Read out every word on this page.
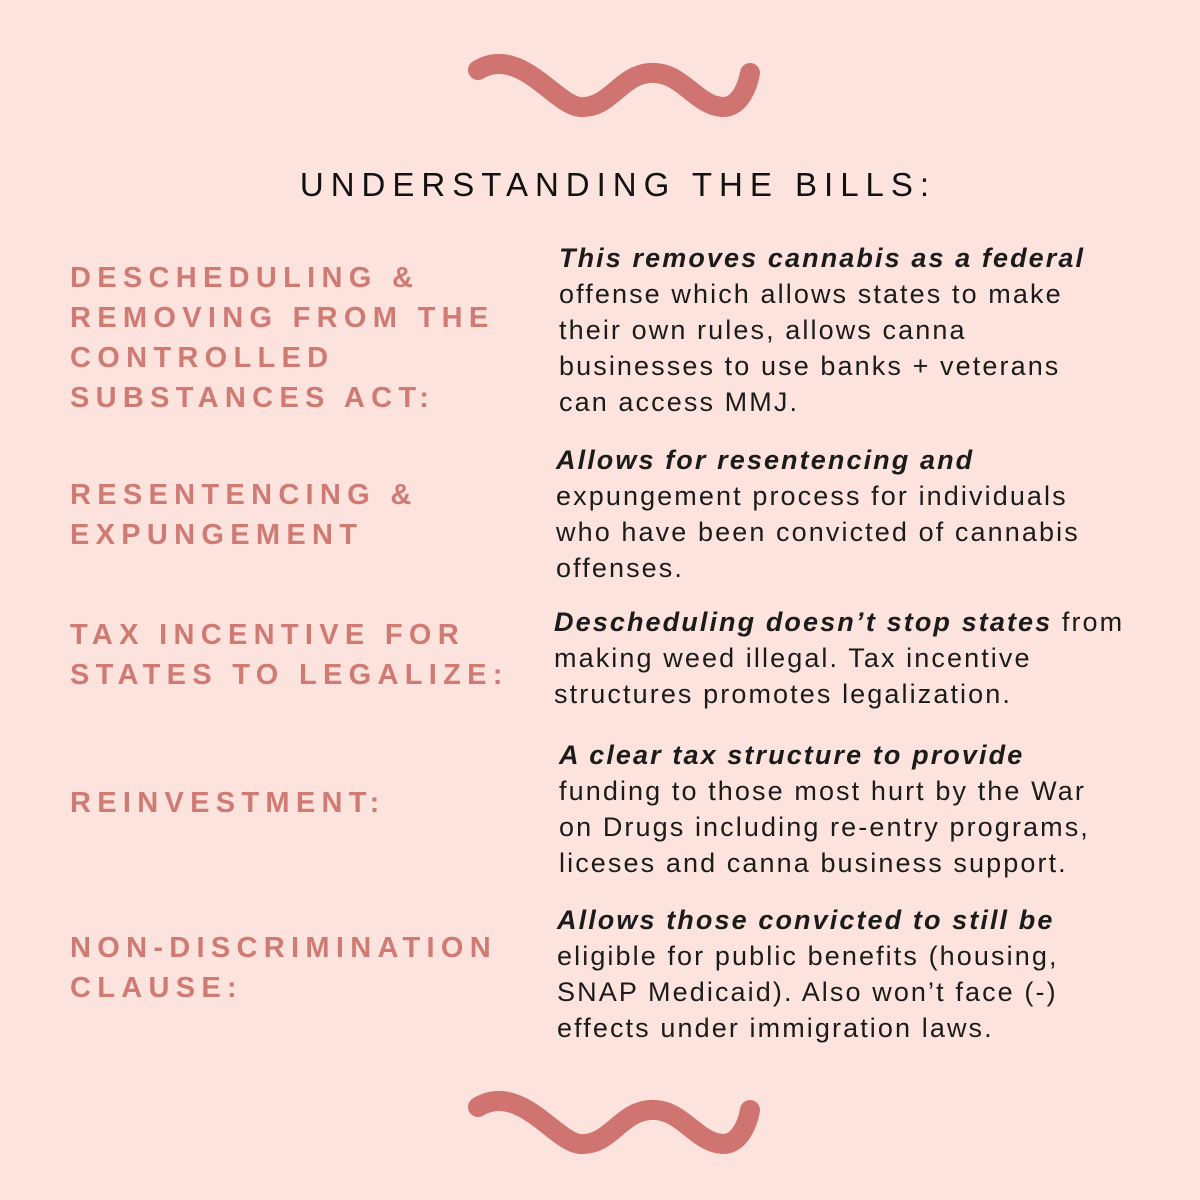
UNDERSTANDING THE BILLS:
DESCHEDULING &
REMOVING FROM THE
CONTROLLED
SUBSTANCES ACT:
This removes cannabis as a federal
offense which allows states to make
their own rules, allows canna
businesses to use banks + veterans
can access MMJ.
RESENTENCING &
EXPUNGEMENT
Allows for resentencing and
expungement process for individuals
who have been convicted of cannabis
offenses.
TAX INCENTIVE FOR
STATES TO LEGALIZE:
Descheduling doesn’t stop states from
making weed illegal. Tax incentive
structures promotes legalization.
REINVESTMENT:
A clear tax structure to provide
funding to those most hurt by the War
on Drugs including re-entry programs,
liceses and canna business support.
NON-DISCRIMINATION
CLAUSE:
Allows those convicted to still be
eligible for public benefits (housing,
SNAP Medicaid). Also won’t face (-)
effects under immigration laws.
